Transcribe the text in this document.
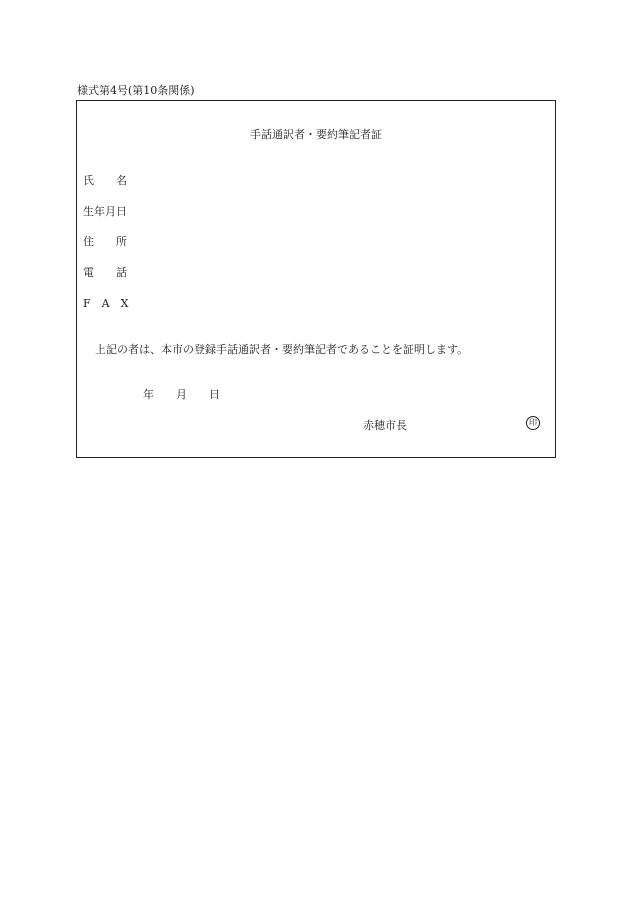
様式第4号(第10条関係)
手話通訳者・要約筆記者証
氏　　名
生年月日
住　　所
電　　話
F　A　X
上記の者は、本市の登録手話通訳者・要約筆記者であることを証明します。
年　　月　　日
赤穂市長	印
